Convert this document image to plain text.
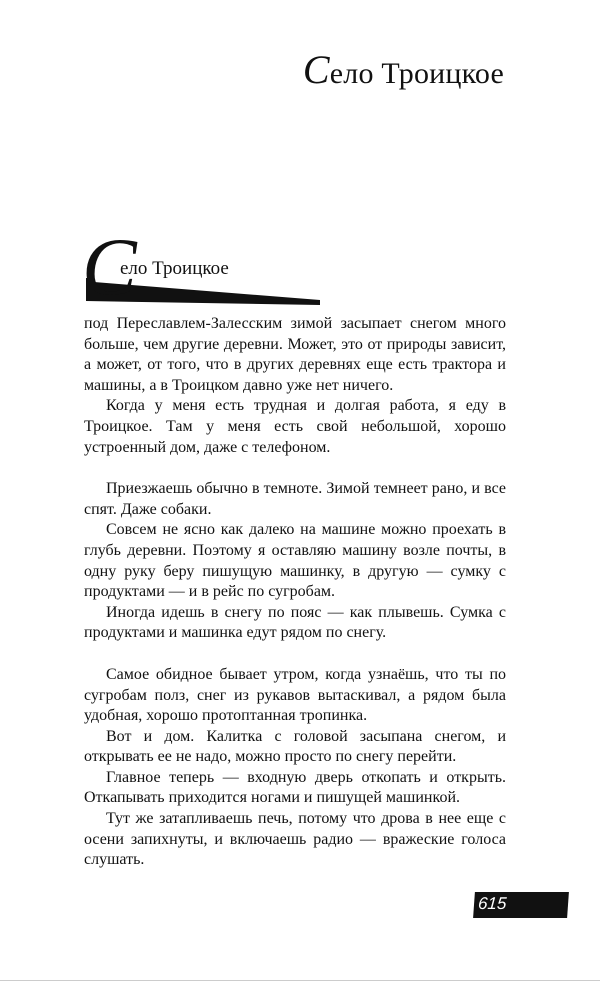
Село Троицкое
С
ело Троицкое

под Переславлем-Залесским зимой засыпает снегом много больше, чем другие деревни. Может, это от природы зависит, а может, от того, что в других деревнях еще есть трактора и машины, а в Троицком давно уже нет ничего.

Когда у меня есть трудная и долгая работа, я еду в Троицкое. Там у меня есть свой небольшой, хорошо устроенный дом, даже с телефоном.

Приезжаешь обычно в темноте. Зимой темнеет рано, и все спят. Даже собаки.

Совсем не ясно как далеко на машине можно проехать в глубь деревни. Поэтому я оставляю машину возле почты, в одну руку беру пишущую машинку, в другую — сумку с продуктами — и в рейс по сугробам.

Иногда идешь в снегу по пояс — как плывешь. Сумка с продуктами и машинка едут рядом по снегу.

Самое обидное бывает утром, когда узнаёшь, что ты по сугробам полз, снег из рукавов вытаскивал, а рядом была удобная, хорошо протоптанная тропинка.

Вот и дом. Калитка с головой засыпана снегом, и открывать ее не надо, можно просто по снегу перейти.

Главное теперь — входную дверь откопать и открыть. Откапывать приходится ногами и пишущей машинкой.

Тут же затапливаешь печь, потому что дрова в нее еще с осени запихнуты, и включаешь радио — вражеские голоса слушать.

615
